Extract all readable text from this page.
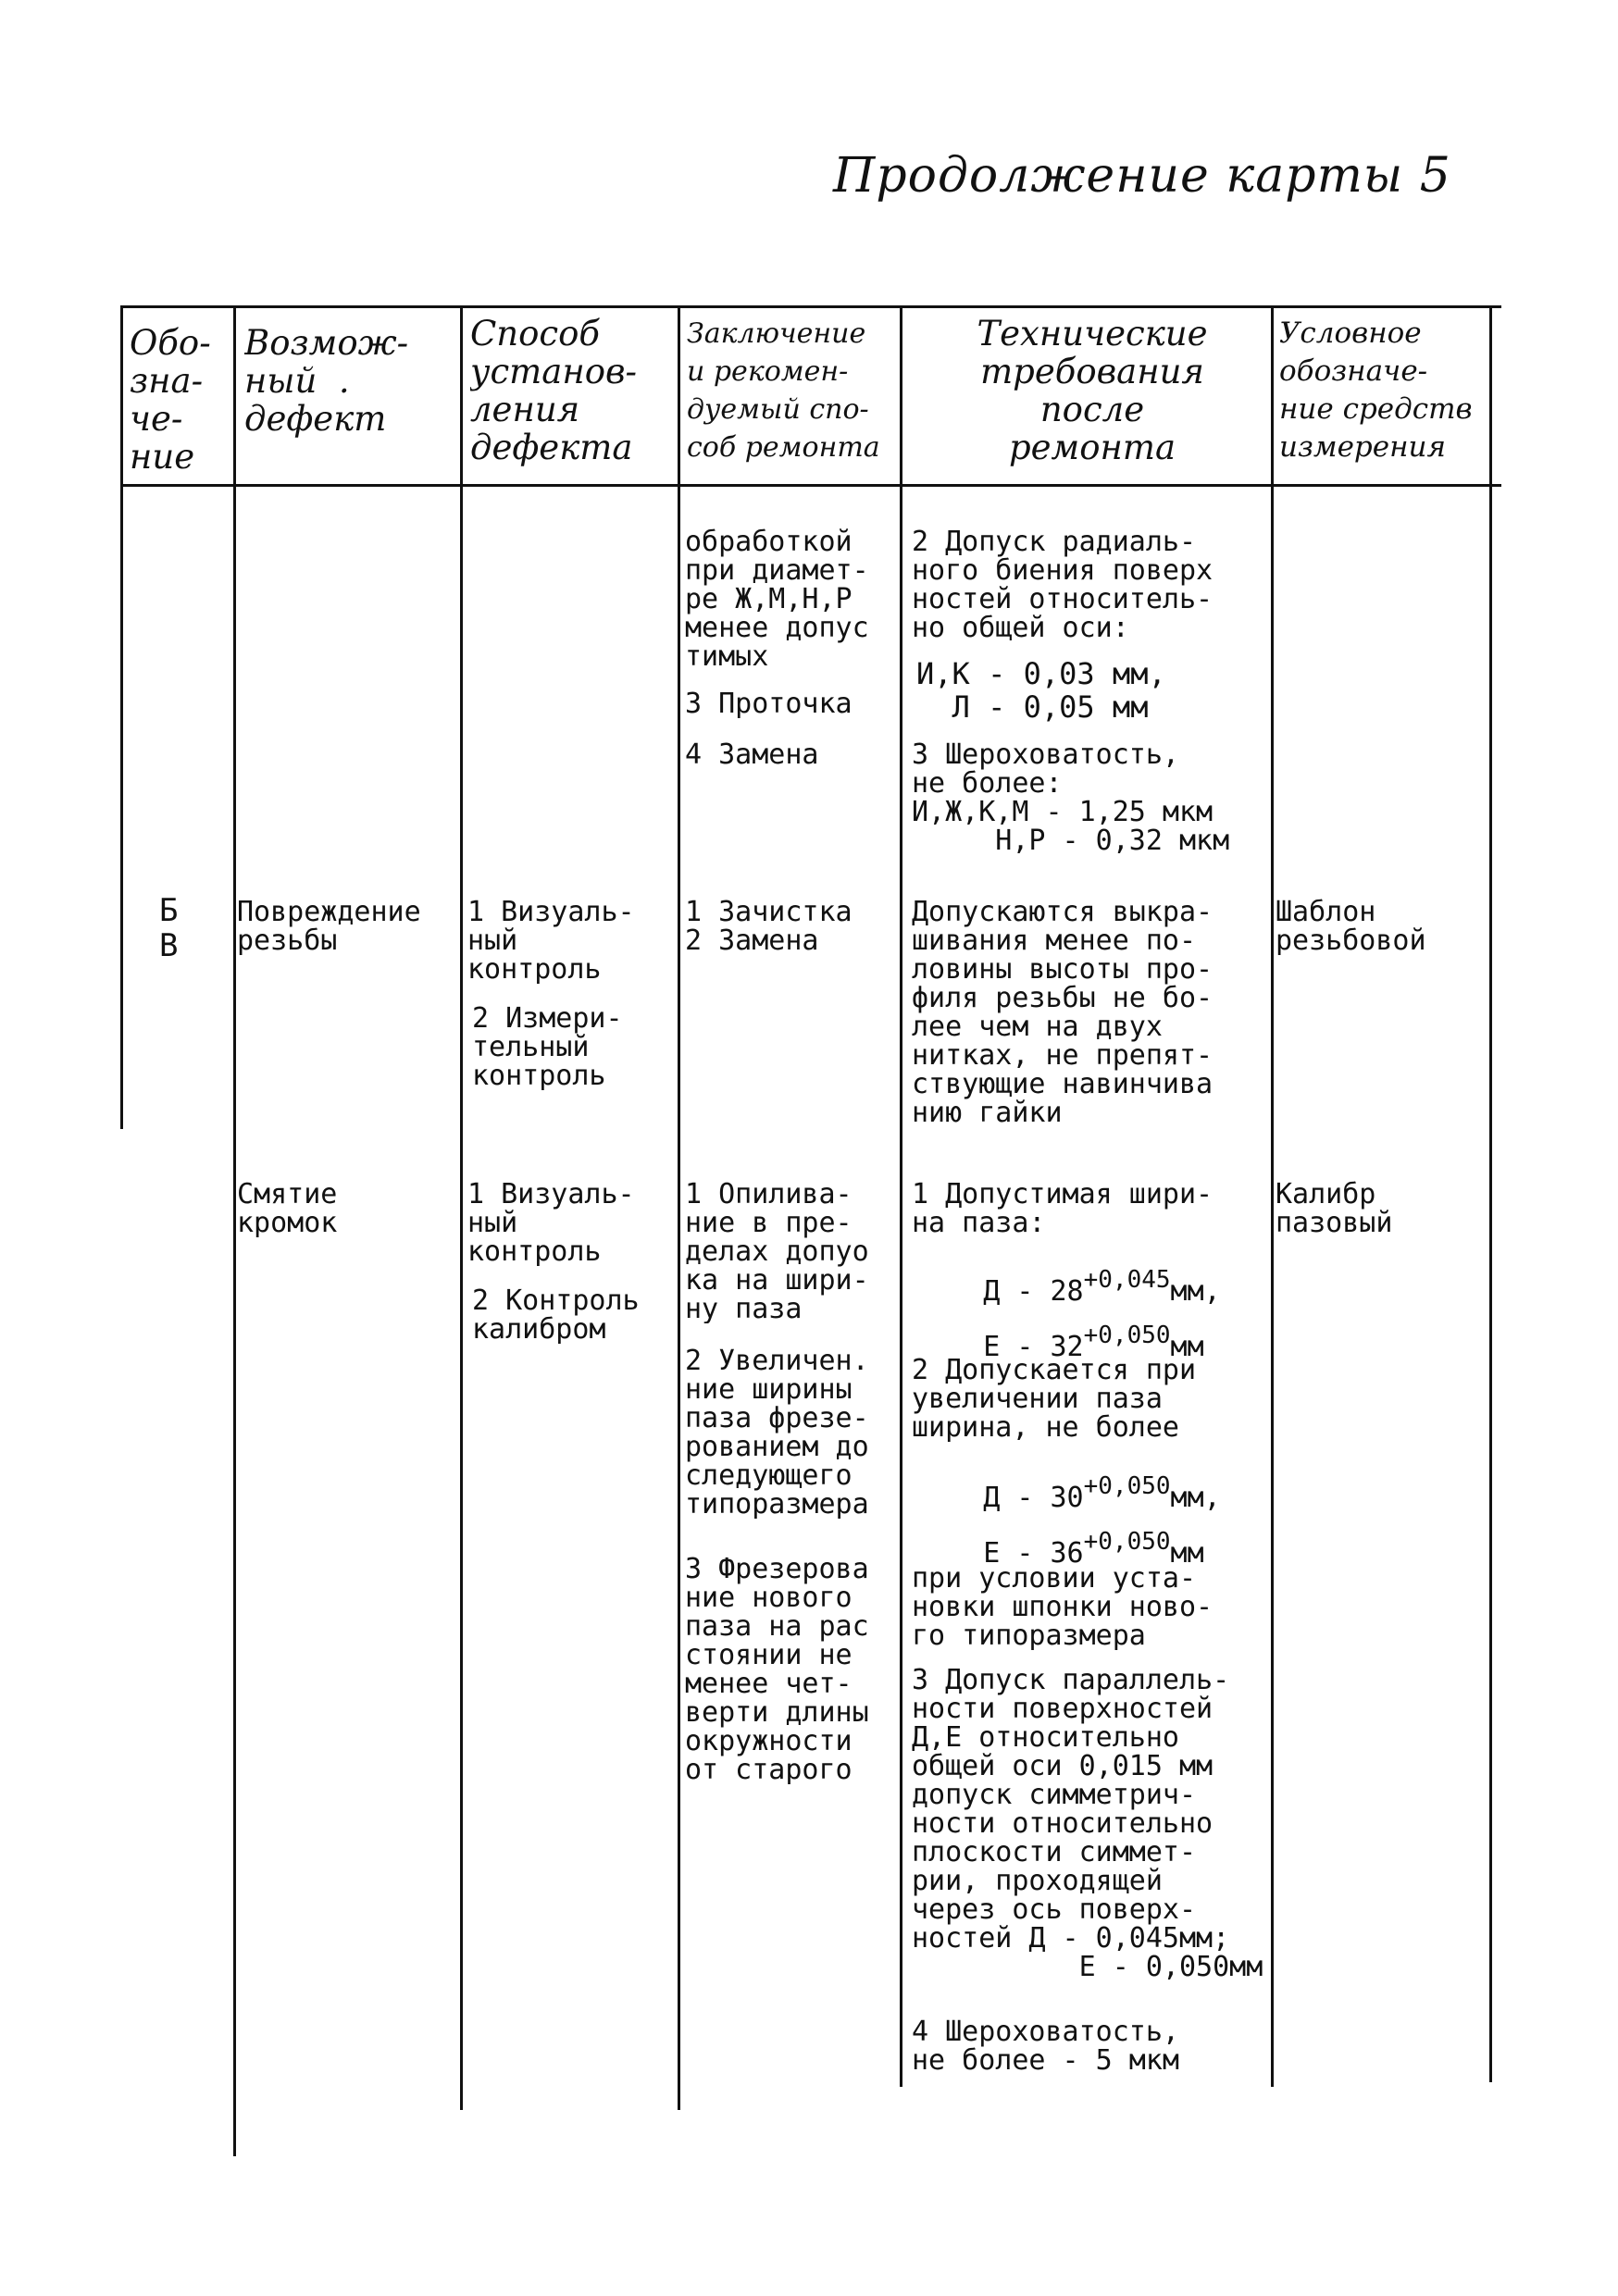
Продолжение карты 5
Обо-
зна-
че-
ние
Возмож-
ный  .
дефект
Способ
установ-
ления
дефекта
Заключение
и рекомен-
дуемый спо-
соб ремонта
Технические
требования
после
ремонта
Условное
обозначе-
ние средств
измерения
обработкой
при диамет-
ре Ж,М,Н,Р
менее допус
тимых
3 Проточка
4 Замена
2 Допуск радиаль-
ного биения поверх
ностей относитель-
но общей оси:
И,К - 0,03 мм,
Л - 0,05 мм
3 Шероховатость,
не более:
И,Ж,К,М - 1,25 мкм
Н,Р - 0,32 мкм
Б
В
Повреждение
резьбы
1 Визуаль-
ный
контроль
2 Измери-
тельный
контроль
1 Зачистка
2 Замена
Допускаются выкра-
шивания менее по-
ловины высоты про-
филя резьбы не бо-
лее чем на двух
нитках, не препят-
ствующие навинчива
нию гайки
Шаблон
резьбовой
Смятие
кромок
1 Визуаль-
ный
контроль
2 Контроль
калибром
1 Опилива-
ние в пре-
делах допуо
ка на шири-
ну паза
2 Увеличен.
ние ширины
паза фрезе-
рованием до
следующего
типоразмера
3 Фрезерова
ние нового
паза на рас
стоянии не
менее чет-
верти длины
окружности
от старого
1 Допустимая шири-
на паза:

Д - 28+0,045мм,

Е - 32+0,050мм

2 Допускается при
увеличении паза
ширина, не более

Д - 30+0,050мм,

Е - 36+0,050мм

при условии уста-
новки шпонки ново-
го типоразмера
3 Допуск параллель-
ности поверхностей
Д,Е относительно
общей оси 0,015 мм
допуск симметрич-
ности относительно
плоскости симмет-
рии, проходящей
через ось поверх-
ностей Д - 0,045мм;
Е - 0,050мм
4 Шероховатость,
не более - 5 мкм
Калибр
пазовый
